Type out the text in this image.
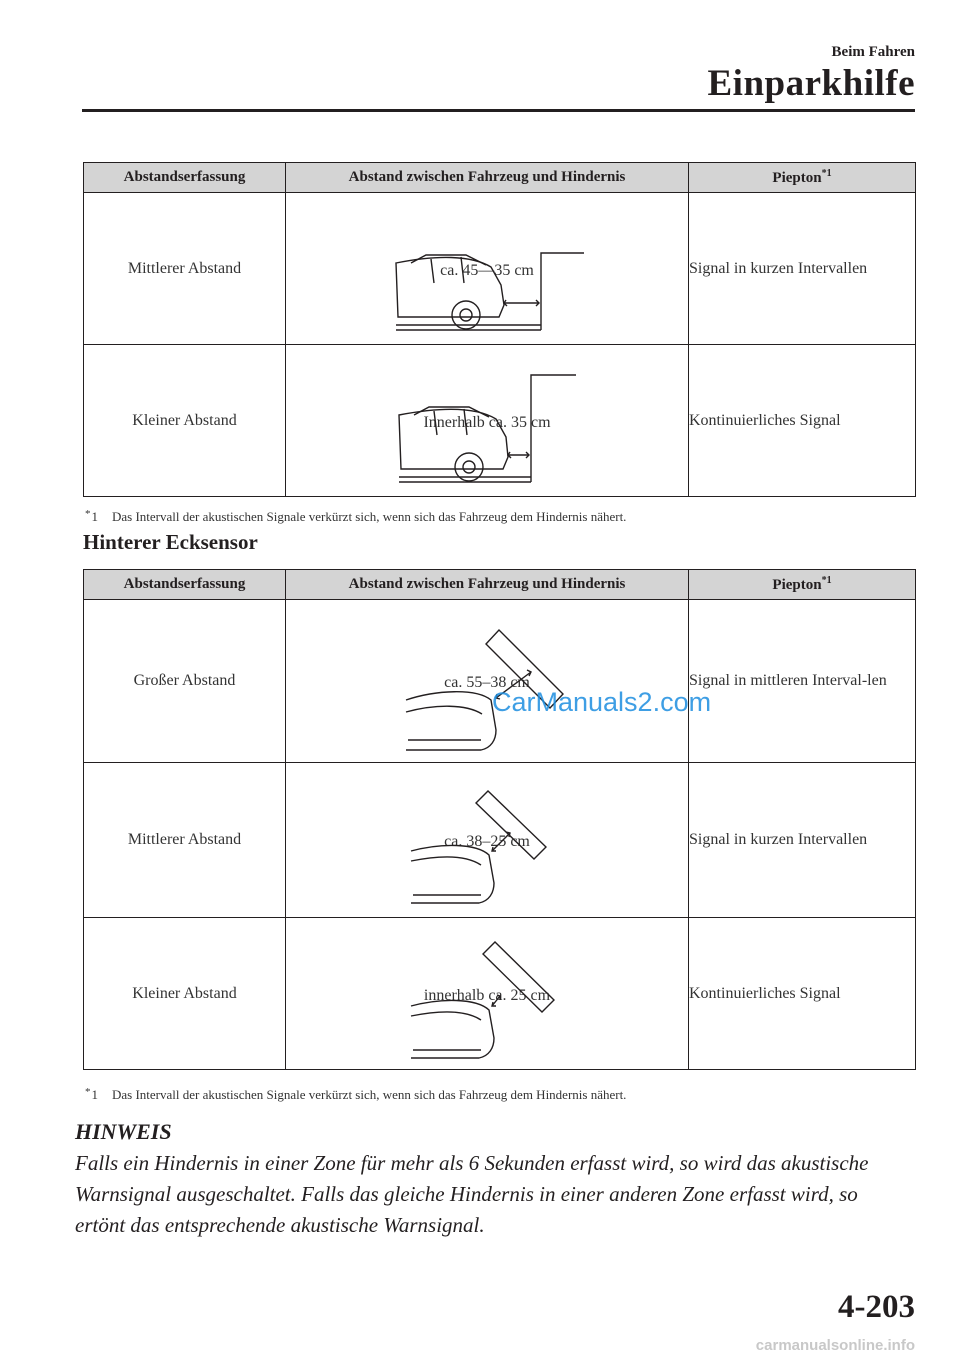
Beim Fahren
Einparkhilfe
Abstandserfassung	Abstand zwischen Fahrzeug und Hindernis	Piepton$^{*1}$
Mittlerer Abstand	ca. 45―35 cm	Signal in kurzen Intervallen
Kleiner Abstand	Innerhalb ca. 35 cm	Kontinuierliches Signal
*1 Das Intervall der akustischen Signale verkürzt sich, wenn sich das Fahrzeug dem Hindernis nähert.
Hinterer Ecksensor
Abstandserfassung	Abstand zwischen Fahrzeug und Hindernis	Piepton$^{*1}$
Großer Abstand	ca. 55–38 cm	Signal in mittleren Interval-len
Mittlerer Abstand	ca. 38–25 cm	Signal in kurzen Intervallen
Kleiner Abstand	innerhalb ca. 25 cm	Kontinuierliches Signal
*1 Das Intervall der akustischen Signale verkürzt sich, wenn sich das Fahrzeug dem Hindernis nähert.
HINWEIS
Falls ein Hindernis in einer Zone für mehr als 6 Sekunden erfasst wird, so wird das akustische Warnsignal ausgeschaltet. Falls das gleiche Hindernis in einer anderen Zone erfasst wird, so ertönt das entsprechende akustische Warnsignal.
4-203
CarManuals2.com
carmanualsonline.info
